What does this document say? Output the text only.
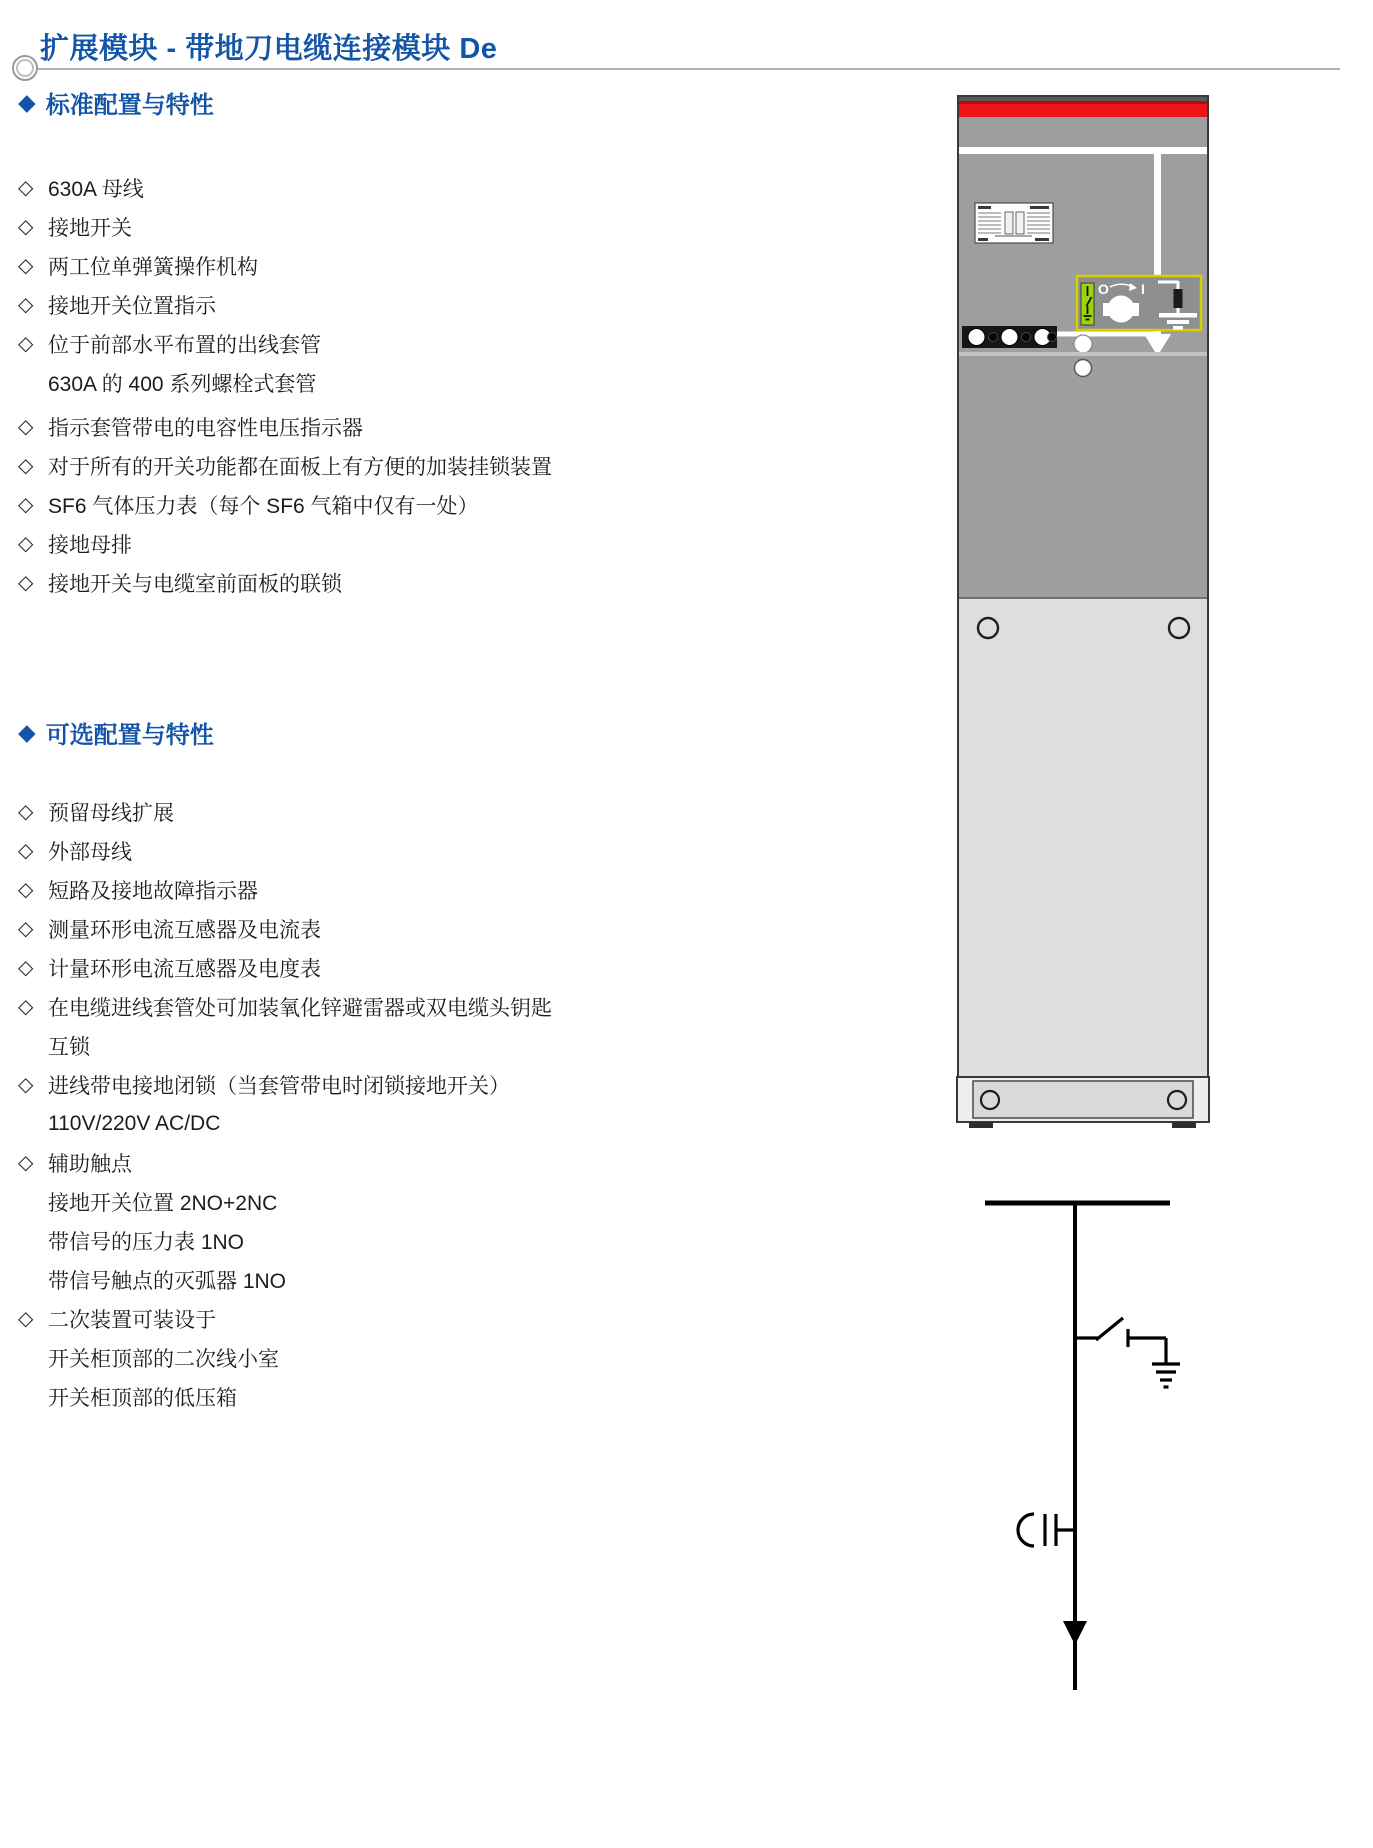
扩展模块 - 带地刀电缆连接模块 De
◆ 标准配置与特性
◇ 630A 母线
◇ 接地开关
◇ 两工位单弹簧操作机构
◇ 接地开关位置指示
◇ 位于前部水平布置的出线套管
630A 的 400 系列螺栓式套管
◇ 指示套管带电的电容性电压指示器
◇ 对于所有的开关功能都在面板上有方便的加装挂锁装置
◇ SF6 气体压力表（每个 SF6 气箱中仅有一处）
◇ 接地母排
◇ 接地开关与电缆室前面板的联锁
◆ 可选配置与特性
◇ 预留母线扩展
◇ 外部母线
◇ 短路及接地故障指示器
◇ 测量环形电流互感器及电流表
◇ 计量环形电流互感器及电度表
◇ 在电缆进线套管处可加装氧化锌避雷器或双电缆头钥匙
互锁
◇ 进线带电接地闭锁（当套管带电时闭锁接地开关）
110V/220V AC/DC
◇ 辅助触点
接地开关位置 2NO+2NC
带信号的压力表 1NO
带信号触点的灭弧器 1NO
◇ 二次装置可装设于
开关柜顶部的二次线小室
开关柜顶部的低压箱
O I
